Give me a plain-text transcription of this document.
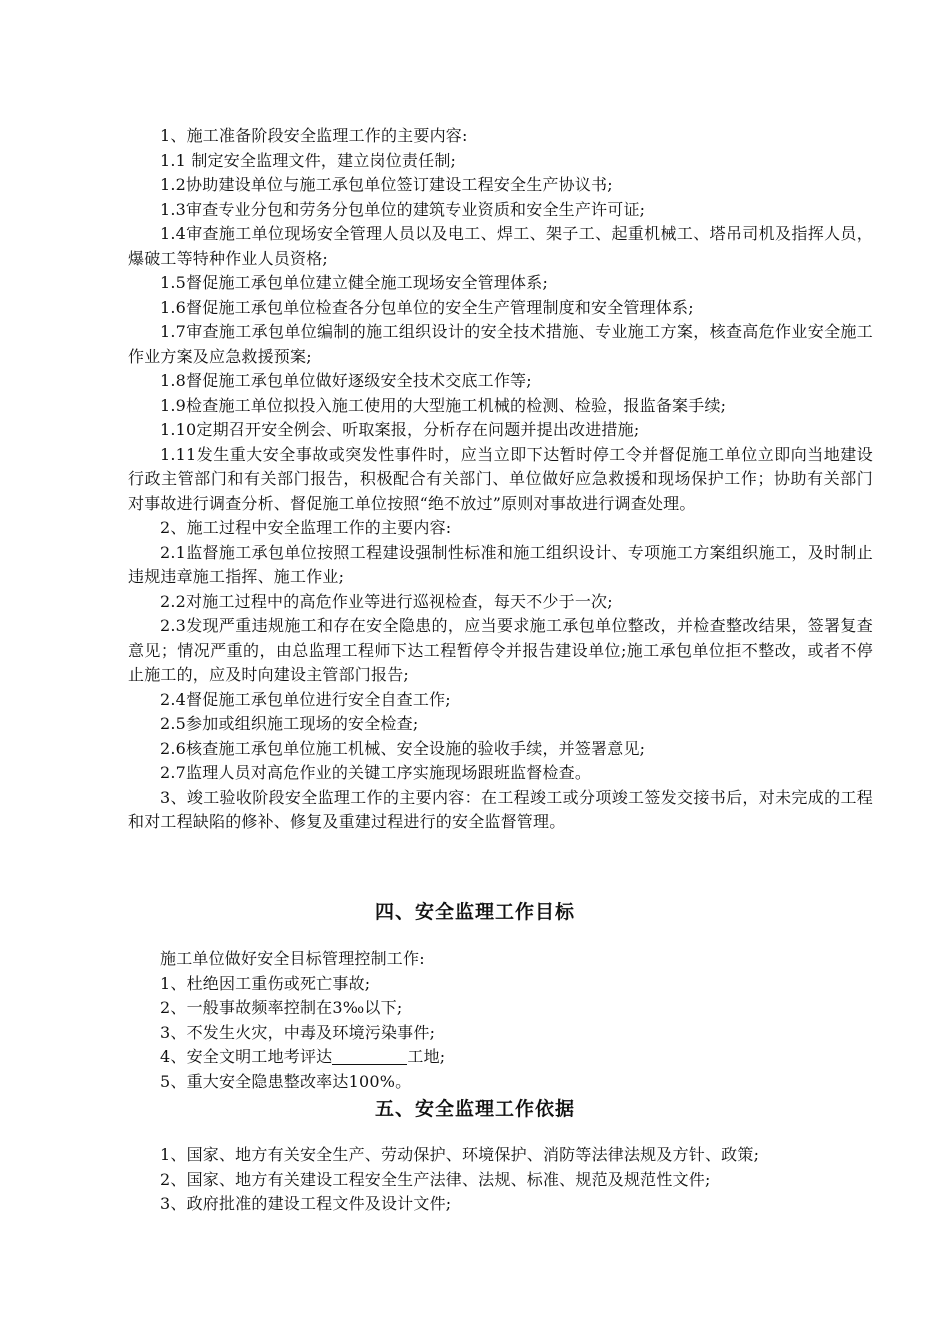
1、施工准备阶段安全监理工作的主要内容:

1.1 制定安全监理文件，建立岗位责任制;

1.2协助建设单位与施工承包单位签订建设工程安全生产协议书;

1.3审查专业分包和劳务分包单位的建筑专业资质和安全生产许可证;

1.4审查施工单位现场安全管理人员以及电工、焊工、架子工、起重机械工、塔吊司机及指挥人员，爆破工等特种作业人员资格;

1.5督促施工承包单位建立健全施工现场安全管理体系;

1.6督促施工承包单位检查各分包单位的安全生产管理制度和安全管理体系;

1.7审查施工承包单位编制的施工组织设计的安全技术措施、专业施工方案，核查高危作业安全施工作业方案及应急救援预案;

1.8督促施工承包单位做好逐级安全技术交底工作等;

1.9检查施工单位拟投入施工使用的大型施工机械的检测、检验，报监备案手续;

1.10定期召开安全例会、听取案报，分析存在问题并提出改进措施;

1.11发生重大安全事故或突发性事件时，应当立即下达暂时停工令并督促施工单位立即向当地建设行政主管部门和有关部门报告，积极配合有关部门、单位做好应急救援和现场保护工作；协助有关部门对事故进行调查分析、督促施工单位按照“绝不放过”原则对事故进行调查处理。

2、施工过程中安全监理工作的主要内容:

2.1监督施工承包单位按照工程建设强制性标准和施工组织设计、专项施工方案组织施工，及时制止违规违章施工指挥、施工作业;

2.2对施工过程中的高危作业等进行巡视检查，每天不少于一次;

2.3发现严重违规施工和存在安全隐患的，应当要求施工承包单位整改，并检查整改结果，签署复查意见；情况严重的，由总监理工程师下达工程暂停令并报告建设单位;施工承包单位拒不整改，或者不停止施工的，应及时向建设主管部门报告;

2.4督促施工承包单位进行安全自查工作;

2.5参加或组织施工现场的安全检查;

2.6核查施工承包单位施工机械、安全设施的验收手续，并签署意见;

2.7监理人员对高危作业的关键工序实施现场跟班监督检查。

3、竣工验收阶段安全监理工作的主要内容：在工程竣工或分项竣工签发交接书后，对未完成的工程和对工程缺陷的修补、修复及重建过程进行的安全监督管理。

四、安全监理工作目标

施工单位做好安全目标管理控制工作:

1、杜绝因工重伤或死亡事故;

2、一般事故频率控制在3‰以下;

3、不发生火灾，中毒及环境污染事件;

4、安全文明工地考评达	工地;

5、重大安全隐患整改率达100%。

五、安全监理工作依据

1、国家、地方有关安全生产、劳动保护、环境保护、消防等法律法规及方针、政策;

2、国家、地方有关建设工程安全生产法律、法规、标准、规范及规范性文件;

3、政府批准的建设工程文件及设计文件;
